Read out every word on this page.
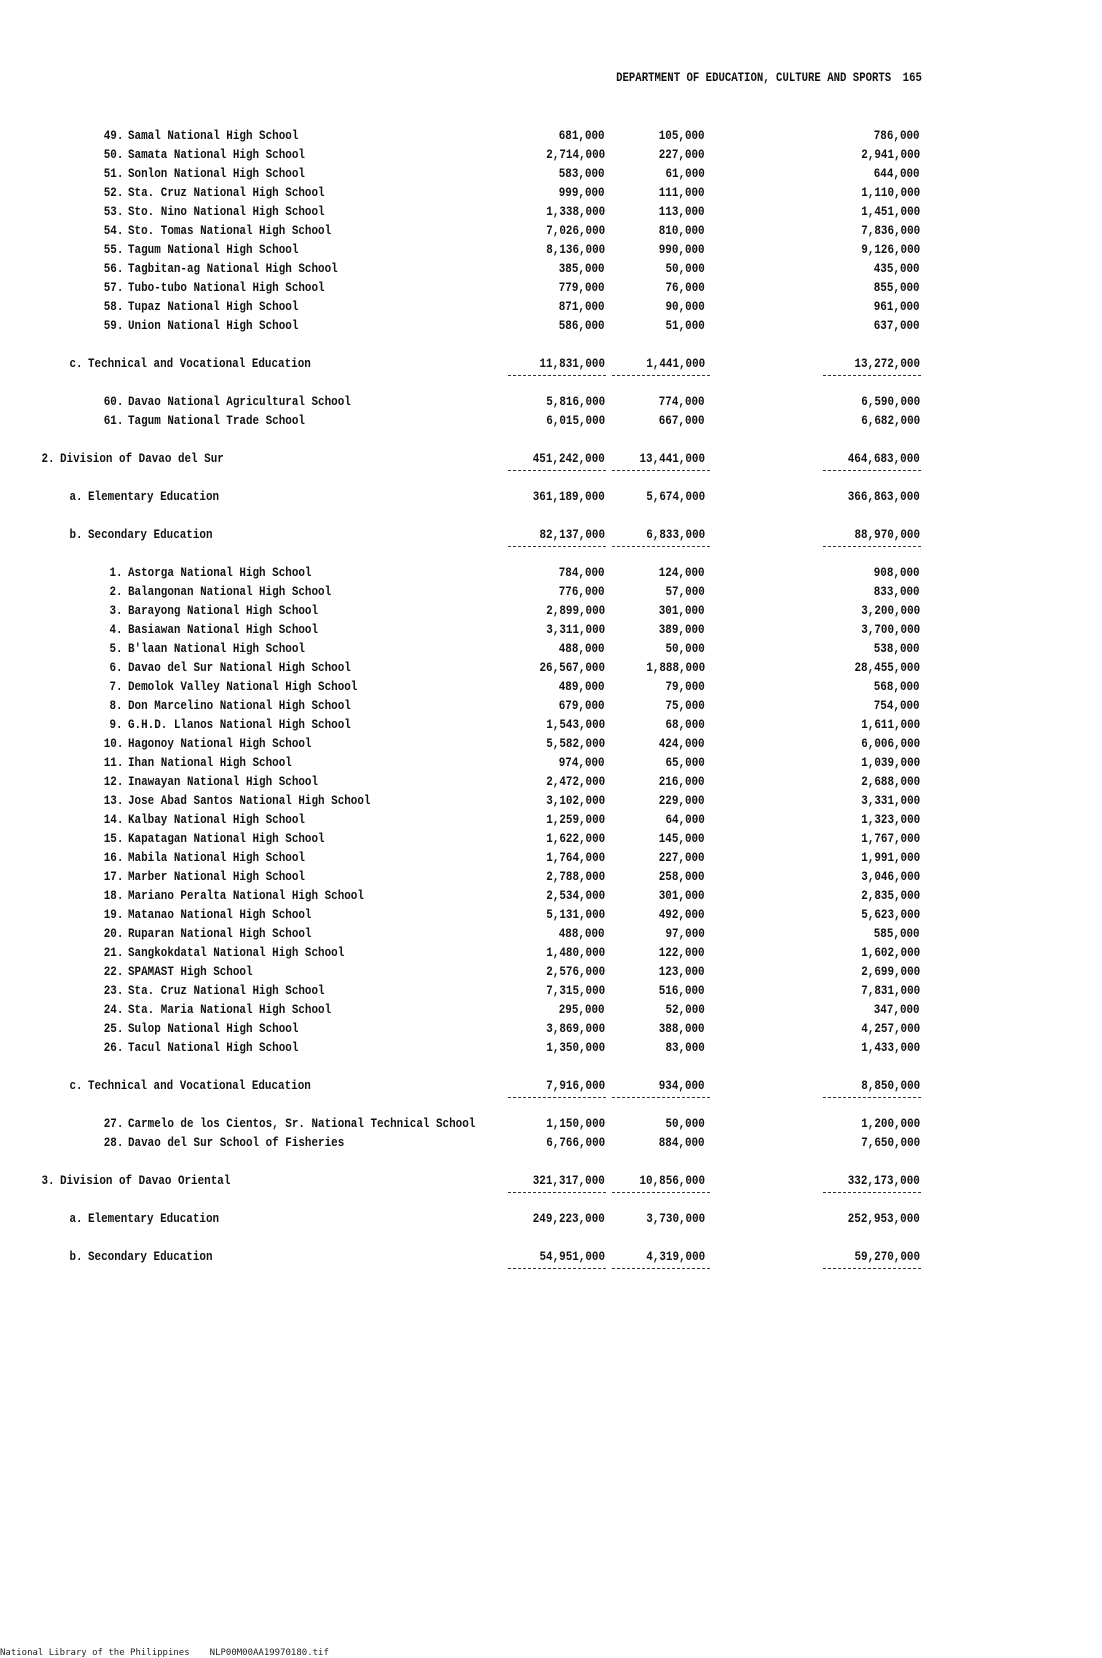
DEPARTMENT OF EDUCATION, CULTURE AND SPORTS 165
49. Samal National High School	681,000	105,000	786,000
50. Samata National High School	2,714,000	227,000	2,941,000
51. Sonlon National High School	583,000	61,000	644,000
52. Sta. Cruz National High School	999,000	111,000	1,110,000
53. Sto. Nino National High School	1,338,000	113,000	1,451,000
54. Sto. Tomas National High School	7,026,000	810,000	7,836,000
55. Tagum National High School	8,136,000	990,000	9,126,000
56. Tagbitan-ag National High School	385,000	50,000	435,000
57. Tubo-tubo National High School	779,000	76,000	855,000
58. Tupaz National High School	871,000	90,000	961,000
59. Union National High School	586,000	51,000	637,000
c. Technical and Vocational Education	11,831,000	1,441,000	13,272,000
60. Davao National Agricultural School	5,816,000	774,000	6,590,000
61. Tagum National Trade School	6,015,000	667,000	6,682,000
2. Division of Davao del Sur	451,242,000	13,441,000	464,683,000
a. Elementary Education	361,189,000	5,674,000	366,863,000
b. Secondary Education	82,137,000	6,833,000	88,970,000
1. Astorga National High School	784,000	124,000	908,000
2. Balangonan National High School	776,000	57,000	833,000
3. Barayong National High School	2,899,000	301,000	3,200,000
4. Basiawan National High School	3,311,000	389,000	3,700,000
5. B'laan National High School	488,000	50,000	538,000
6. Davao del Sur National High School	26,567,000	1,888,000	28,455,000
7. Demolok Valley National High School	489,000	79,000	568,000
8. Don Marcelino National High School	679,000	75,000	754,000
9. G.H.D. Llanos National High School	1,543,000	68,000	1,611,000
10. Hagonoy National High School	5,582,000	424,000	6,006,000
11. Ihan National High School	974,000	65,000	1,039,000
12. Inawayan National High School	2,472,000	216,000	2,688,000
13. Jose Abad Santos National High School	3,102,000	229,000	3,331,000
14. Kalbay National High School	1,259,000	64,000	1,323,000
15. Kapatagan National High School	1,622,000	145,000	1,767,000
16. Mabila National High School	1,764,000	227,000	1,991,000
17. Marber National High School	2,788,000	258,000	3,046,000
18. Mariano Peralta National High School	2,534,000	301,000	2,835,000
19. Matanao National High School	5,131,000	492,000	5,623,000
20. Ruparan National High School	488,000	97,000	585,000
21. Sangkokdatal National High School	1,480,000	122,000	1,602,000
22. SPAMAST High School	2,576,000	123,000	2,699,000
23. Sta. Cruz National High School	7,315,000	516,000	7,831,000
24. Sta. Maria National High School	295,000	52,000	347,000
25. Sulop National High School	3,869,000	388,000	4,257,000
26. Tacul National High School	1,350,000	83,000	1,433,000
c. Technical and Vocational Education	7,916,000	934,000	8,850,000
27. Carmelo de los Cientos, Sr. National Technical School	1,150,000	50,000	1,200,000
28. Davao del Sur School of Fisheries	6,766,000	884,000	7,650,000
3. Division of Davao Oriental	321,317,000	10,856,000	332,173,000
a. Elementary Education	249,223,000	3,730,000	252,953,000
b. Secondary Education	54,951,000	4,319,000	59,270,000
National Library of the Philippines NLP00M00AA19970180.tif
